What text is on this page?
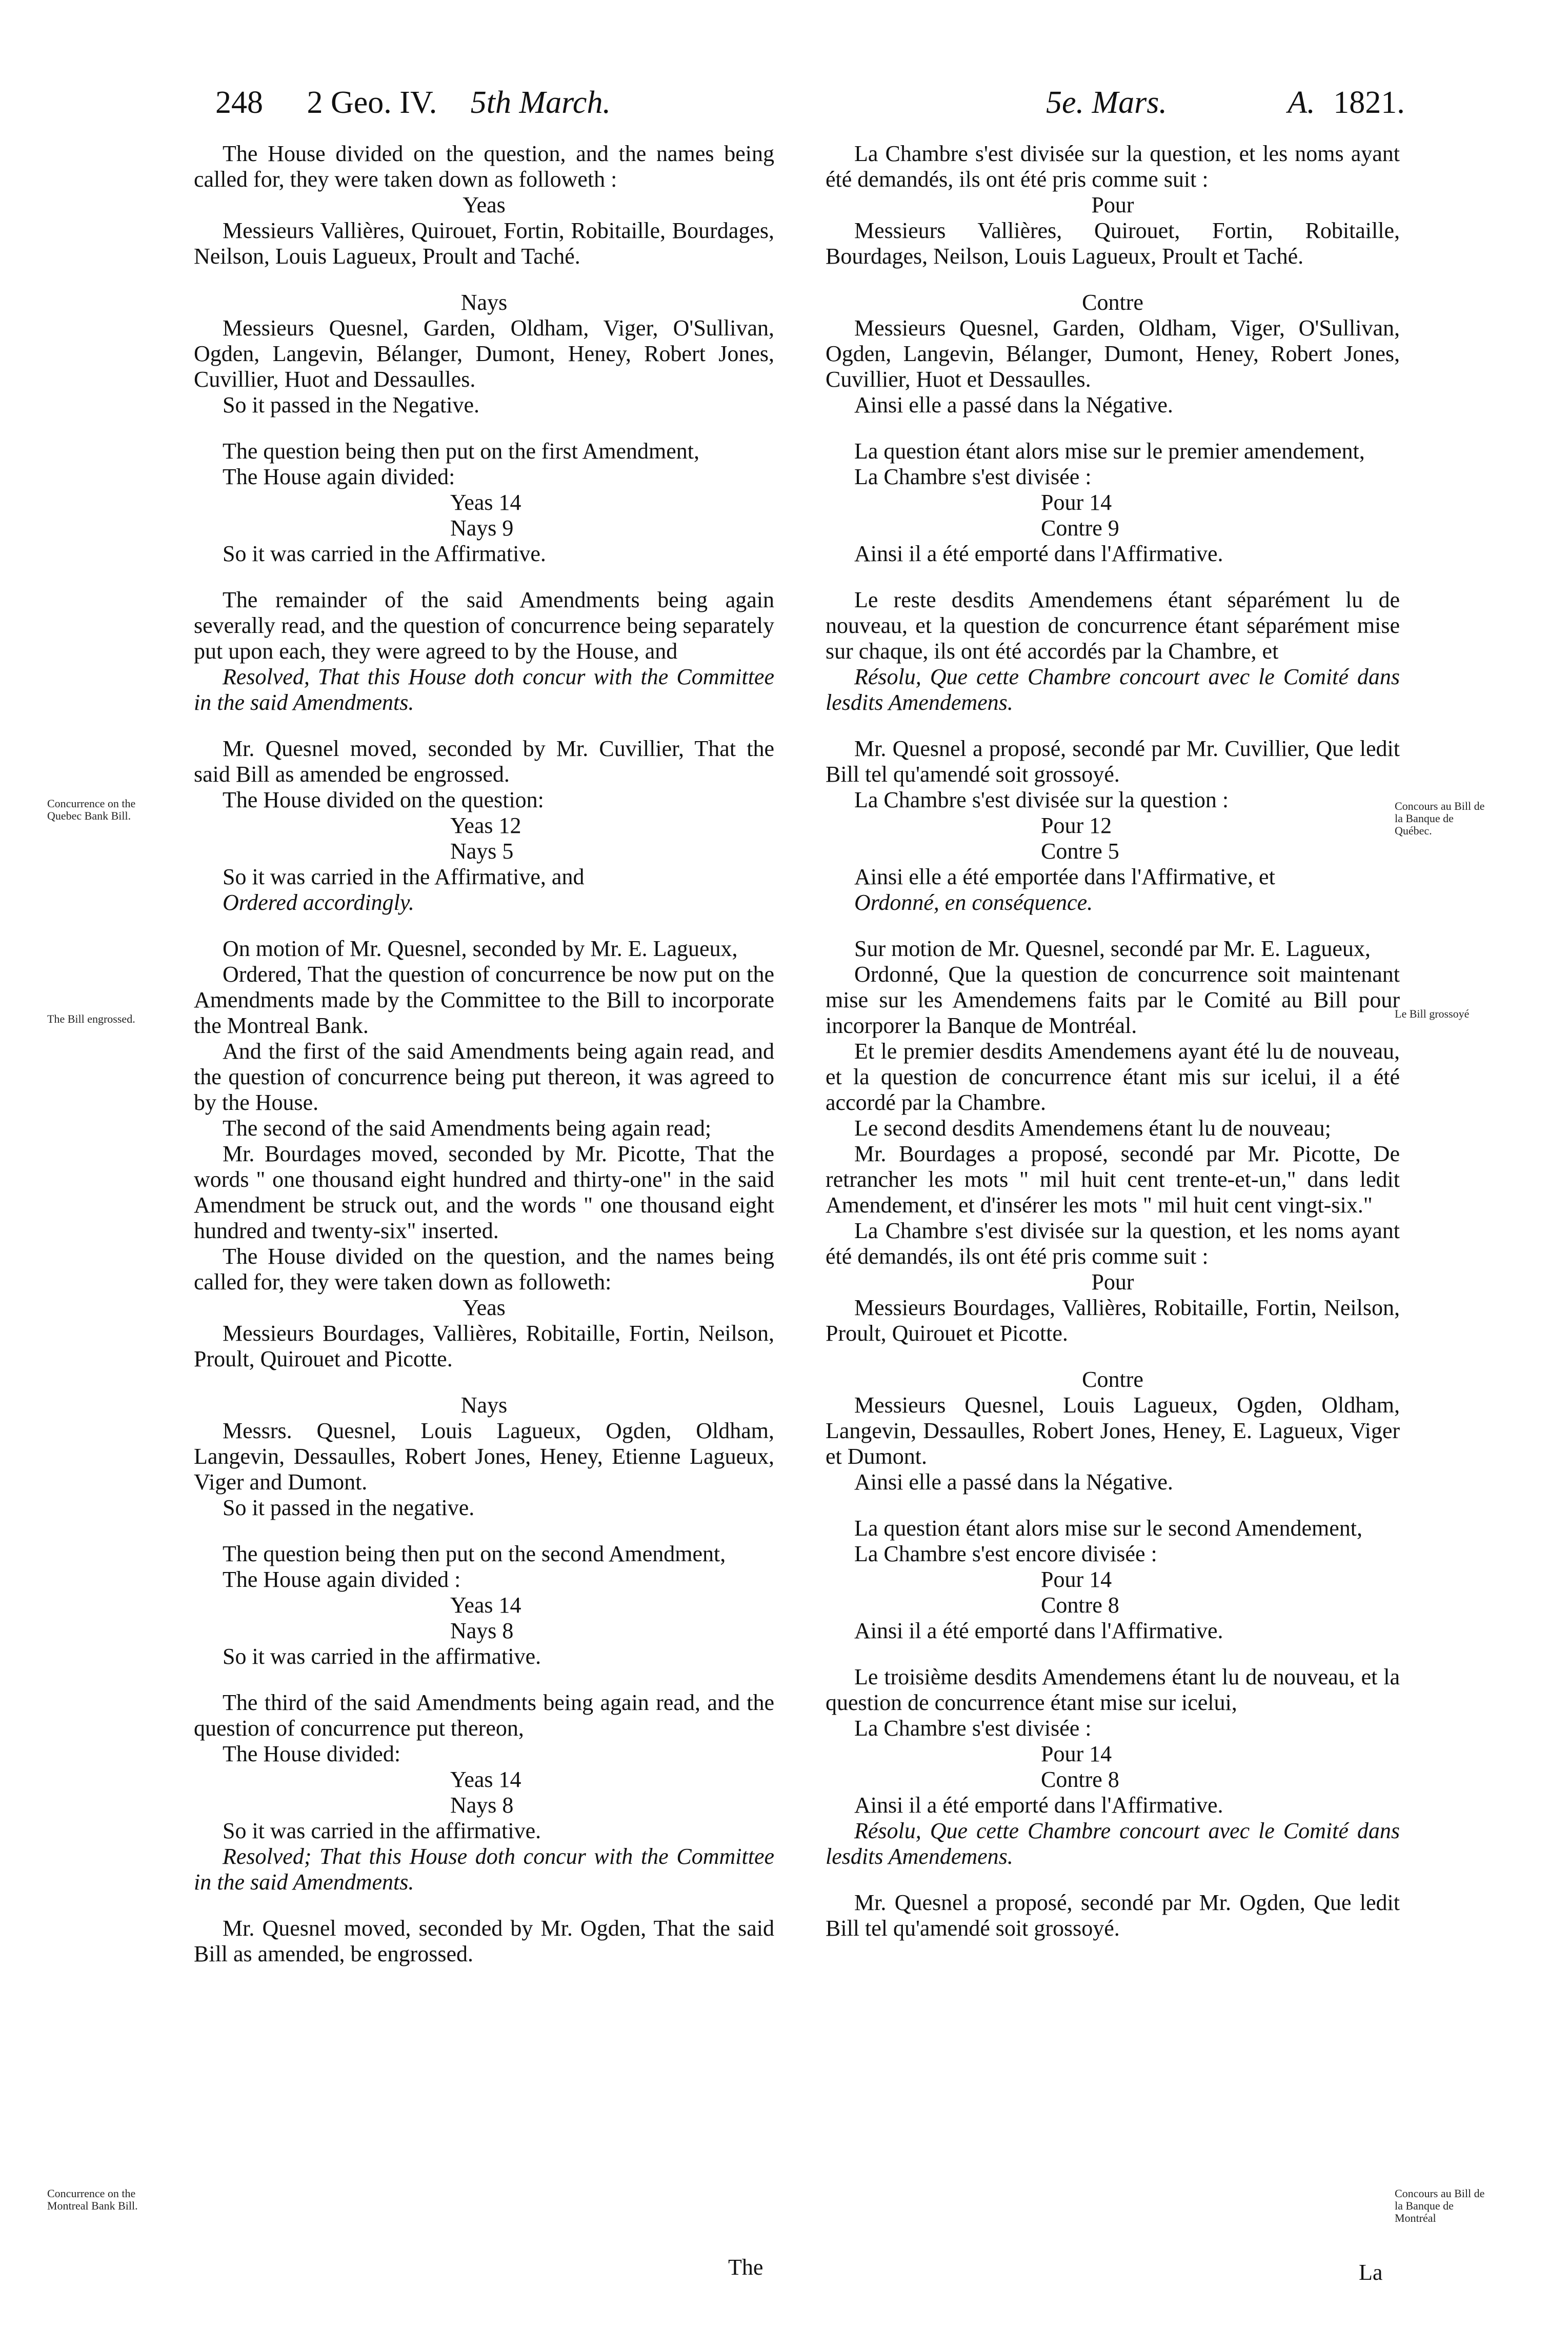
248 2 Geo. IV. 5th March.	5e. Mars.	A. 1821.

The House divided on the question, and the names being called for, they were taken down as followeth :

Yeas

Messieurs Vallières, Quirouet, Fortin, Robitaille, Bourdages, Neilson, Louis Lagueux, Proult and Taché.

Nays

Messieurs Quesnel, Garden, Oldham, Viger, O'Sullivan, Ogden, Langevin, Bélanger, Dumont, Heney, Robert Jones, Cuvillier, Huot and Dessaulles.

So it passed in the Negative.

The question being then put on the first Amendment,

The House again divided:

Yeas 14

Nays 9

So it was carried in the Affirmative.

The remainder of the said Amendments being again severally read, and the question of concurrence being separately put upon each, they were agreed to by the House, and

Resolved, That this House doth concur with the Committee in the said Amendments.

Mr. Quesnel moved, seconded by Mr. Cuvillier, That the said Bill as amended be engrossed.

The House divided on the question:

Yeas 12

Nays 5

So it was carried in the Affirmative, and

Ordered accordingly.

On motion of Mr. Quesnel, seconded by Mr. E. Lagueux,

Ordered, That the question of concurrence be now put on the Amendments made by the Committee to the Bill to incorporate the Montreal Bank.

And the first of the said Amendments being again read, and the question of concurrence being put thereon, it was agreed to by the House.

The second of the said Amendments being again read;

Mr. Bourdages moved, seconded by Mr. Picotte, That the words " one thousand eight hundred and thirty-one" in the said Amendment be struck out, and the words " one thousand eight hundred and twenty-six" inserted.

The House divided on the question, and the names being called for, they were taken down as followeth:

Yeas

Messieurs Bourdages, Vallières, Robitaille, Fortin, Neilson, Proult, Quirouet and Picotte.

Nays

Messrs. Quesnel, Louis Lagueux, Ogden, Oldham, Langevin, Dessaulles, Robert Jones, Heney, Etienne Lagueux, Viger and Dumont.

So it passed in the negative.

The question being then put on the second Amendment,

The House again divided :

Yeas 14

Nays 8

So it was carried in the affirmative.

The third of the said Amendments being again read, and the question of concurrence put thereon,

The House divided:

Yeas 14

Nays 8

So it was carried in the affirmative.

Resolved; That this House doth concur with the Committee in the said Amendments.

Mr. Quesnel moved, seconded by Mr. Ogden, That the said Bill as amended, be engrossed.

La Chambre s'est divisée sur la question, et les noms ayant été demandés, ils ont été pris comme suit :

Pour

Messieurs Vallières, Quirouet, Fortin, Robitaille, Bourdages, Neilson, Louis Lagueux, Proult et Taché.

Contre

Messieurs Quesnel, Garden, Oldham, Viger, O'Sullivan, Ogden, Langevin, Bélanger, Dumont, Heney, Robert Jones, Cuvillier, Huot et Dessaulles.

Ainsi elle a passé dans la Négative.

La question étant alors mise sur le premier amendement,

La Chambre s'est divisée :

Pour 14

Contre 9

Ainsi il a été emporté dans l'Affirmative.

Le reste desdits Amendemens étant séparément lu de nouveau, et la question de concurrence étant séparément mise sur chaque, ils ont été accordés par la Chambre, et

Résolu, Que cette Chambre concourt avec le Comité dans lesdits Amendemens.

Mr. Quesnel a proposé, secondé par Mr. Cuvillier, Que ledit Bill tel qu'amendé soit grossoyé.

La Chambre s'est divisée sur la question :

Pour 12

Contre 5

Ainsi elle a été emportée dans l'Affirmative, et

Ordonné, en conséquence.

Sur motion de Mr. Quesnel, secondé par Mr. E. Lagueux,

Ordonné, Que la question de concurrence soit maintenant mise sur les Amendemens faits par le Comité au Bill pour incorporer la Banque de Montréal.

Et le premier desdits Amendemens ayant été lu de nouveau, et la question de concurrence étant mis sur icelui, il a été accordé par la Chambre.

Le second desdits Amendemens étant lu de nouveau;

Mr. Bourdages a proposé, secondé par Mr. Picotte, De retrancher les mots " mil huit cent trente-et-un," dans ledit Amendement, et d'insérer les mots " mil huit cent vingt-six."

La Chambre s'est divisée sur la question, et les noms ayant été demandés, ils ont été pris comme suit :

Pour

Messieurs Bourdages, Vallières, Robitaille, Fortin, Neilson, Proult, Quirouet et Picotte.

Contre

Messieurs Quesnel, Louis Lagueux, Ogden, Oldham, Langevin, Dessaulles, Robert Jones, Heney, E. Lagueux, Viger et Dumont.

Ainsi elle a passé dans la Négative.

La question étant alors mise sur le second Amendement,

La Chambre s'est encore divisée :

Pour 14

Contre 8

Ainsi il a été emporté dans l'Affirmative.

Le troisième desdits Amendemens étant lu de nouveau, et la question de concurrence étant mise sur icelui,

La Chambre s'est divisée :

Pour 14

Contre 8

Ainsi il a été emporté dans l'Affirmative.

Résolu, Que cette Chambre concourt avec le Comité dans lesdits Amendemens.

Mr. Quesnel a proposé, secondé par Mr. Ogden, Que ledit Bill tel qu'amendé soit grossoyé.

Concurrence on the Quebec Bank Bill.
The Bill engrossed.
Concurrence on the Montreal Bank Bill.
Concours au Bill de la Banque de Québec.
Le Bill grossoyé
Concours au Bill de la Banque de Montréal
The	La
